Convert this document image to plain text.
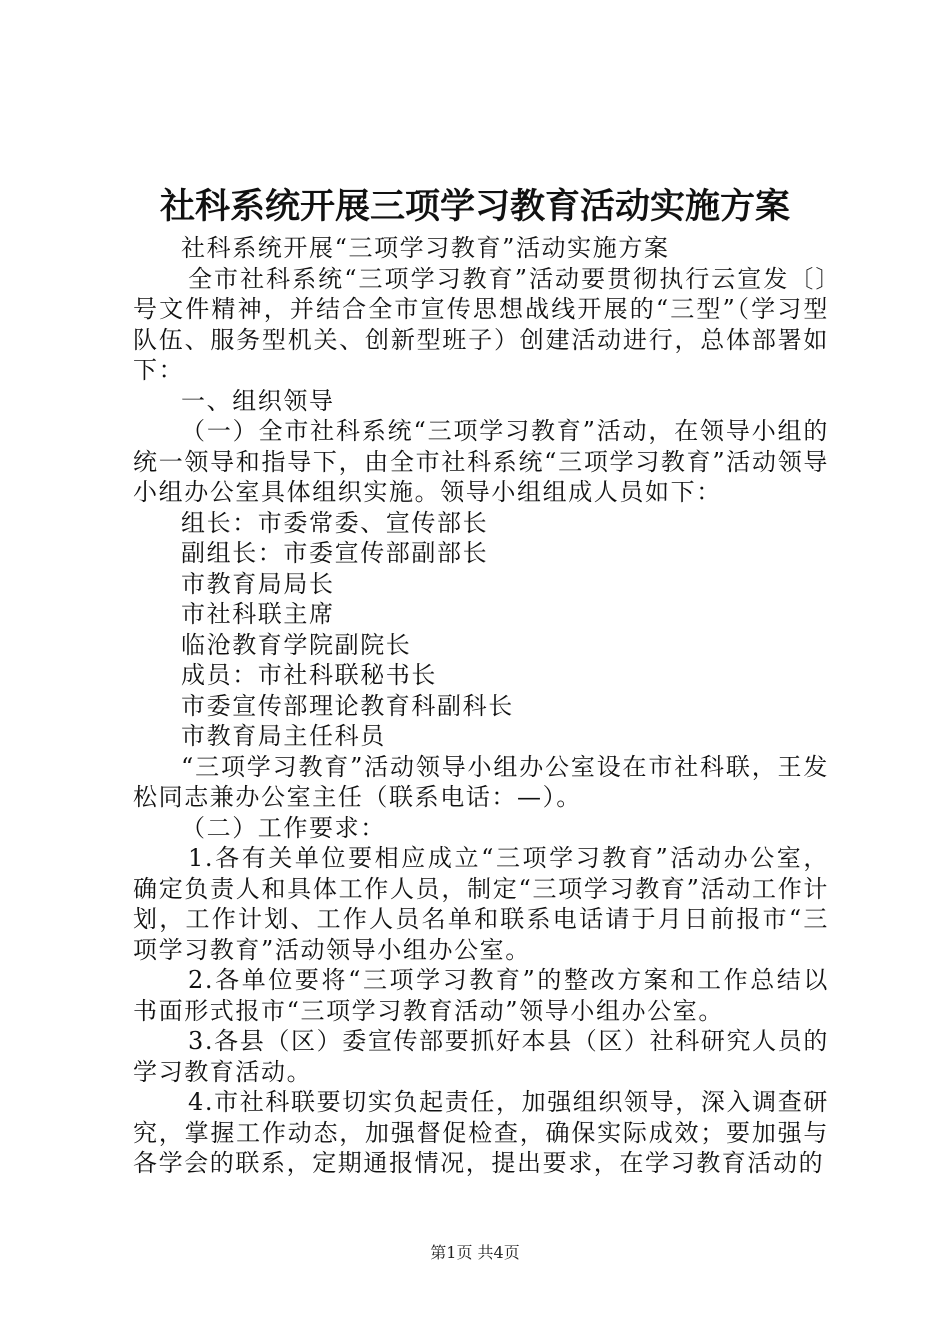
社科系统开展三项学习教育活动实施方案

社科系统开展“三项学习教育”活动实施方案

全市社科系统“三项学习教育”活动要贯彻执行云宣发〔〕号文件精神，并结合全市宣传思想战线开展的“三型”（学习型队伍、服务型机关、创新型班子）创建活动进行，总体部署如下：

一、组织领导

（一）全市社科系统“三项学习教育”活动，在领导小组的统一领导和指导下，由全市社科系统“三项学习教育”活动领导小组办公室具体组织实施。领导小组组成人员如下：

组长：市委常委、宣传部长

副组长：市委宣传部副部长

市教育局局长

市社科联主席

临沧教育学院副院长

成员：市社科联秘书长

市委宣传部理论教育科副科长

市教育局主任科员

“三项学习教育”活动领导小组办公室设在市社科联，王发松同志兼办公室主任（联系电话：—）。

（二）工作要求：

1.各有关单位要相应成立“三项学习教育”活动办公室，确定负责人和具体工作人员，制定“三项学习教育”活动工作计划，工作计划、工作人员名单和联系电话请于月日前报市“三项学习教育”活动领导小组办公室。

2.各单位要将“三项学习教育”的整改方案和工作总结以书面形式报市“三项学习教育活动”领导小组办公室。

3.各县（区）委宣传部要抓好本县（区）社科研究人员的学习教育活动。

4.市社科联要切实负起责任，加强组织领导，深入调查研究，掌握工作动态，加强督促检查，确保实际成效；要加强与各学会的联系，定期通报情况，提出要求，在学习教育活动的

第1页 共4页
